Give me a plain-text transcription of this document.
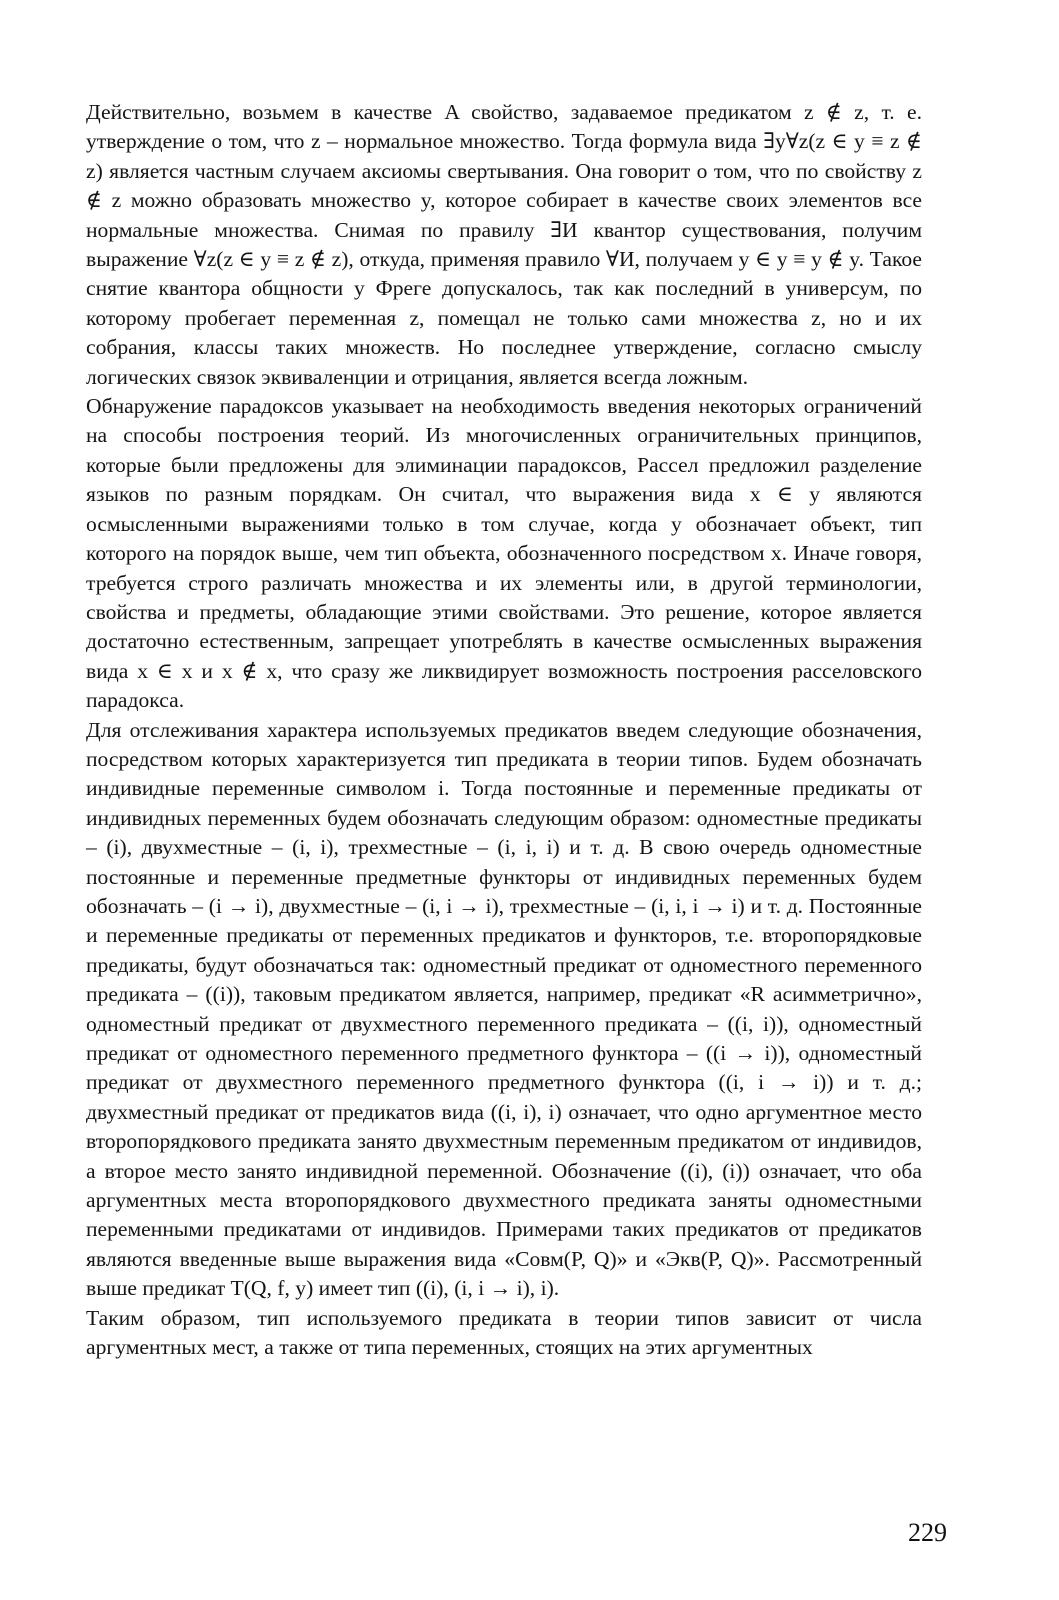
Действительно, возьмем в качестве A свойство, задаваемое предикатом z ∉ z, т. е. утверждение о том, что z – нормальное множество. Тогда формула вида ∃y∀z(z ∈ y ≡ z ∉ z) является частным случаем аксиомы свертывания. Она говорит о том, что по свойству z ∉ z можно образовать множество y, которое собирает в качестве своих элементов все нормальные множества. Снимая по правилу ∃И квантор существования, получим выражение ∀z(z ∈ y ≡ z ∉ z), откуда, применяя правило ∀И, получаем y ∈ y ≡ y ∉ y. Такое снятие квантора общности у Фреге допускалось, так как последний в универсум, по которому пробегает переменная z, помещал не только сами множества z, но и их собрания, классы таких множеств. Но последнее утверждение, согласно смыслу логических связок эквиваленции и отрицания, является всегда ложным.

Обнаружение парадоксов указывает на необходимость введения некоторых ограничений на способы построения теорий. Из многочисленных ограничительных принципов, которые были предложены для элиминации парадоксов, Рассел предложил разделение языков по разным порядкам. Он считал, что выражения вида x ∈ y являются осмысленными выражениями только в том случае, когда y обозначает объект, тип которого на порядок выше, чем тип объекта, обозначенного посредством x. Иначе говоря, требуется строго различать множества и их элементы или, в другой терминологии, свойства и предметы, обладающие этими свойствами. Это решение, которое является достаточно естественным, запрещает употреблять в качестве осмысленных выражения вида x ∈ x и x ∉ x, что сразу же ликвидирует возможность построения расселовского парадокса.

Для отслеживания характера используемых предикатов введем следующие обозначения, посредством которых характеризуется тип предиката в теории типов. Будем обозначать индивидные переменные символом i. Тогда постоянные и переменные предикаты от индивидных переменных будем обозначать следующим образом: одноместные предикаты – (i), двухместные – (i, i), трехместные – (i, i, i) и т. д. В свою очередь одноместные постоянные и переменные предметные функторы от индивидных переменных будем обозначать – (i → i), двухместные – (i, i → i), трехместные – (i, i, i → i) и т. д. Постоянные и переменные предикаты от переменных предикатов и функторов, т.е. второпорядковые предикаты, будут обозначаться так: одноместный предикат от одноместного переменного предиката – ((i)), таковым предикатом является, например, предикат «R асимметрично», одноместный предикат от двухместного переменного предиката – ((i, i)), одноместный предикат от одноместного переменного предметного функтора – ((i → i)), одноместный предикат от двухместного переменного предметного функтора ((i, i → i)) и т. д.; двухместный предикат от предикатов вида ((i, i), i) означает, что одно аргументное место второпорядкового предиката занято двухместным переменным предикатом от индивидов, а второе место занято индивидной переменной. Обозначение ((i), (i)) означает, что оба аргументных места второпорядкового двухместного предиката заняты одноместными переменными предикатами от индивидов. Примерами таких предикатов от предикатов являются введенные выше выражения вида «Совм(P, Q)» и «Экв(P, Q)». Рассмотренный выше предикат T(Q, f, y) имеет тип ((i), (i, i → i), i).

Таким образом, тип используемого предиката в теории типов зависит от числа аргументных мест, а также от типа переменных, стоящих на этих аргументных

229
